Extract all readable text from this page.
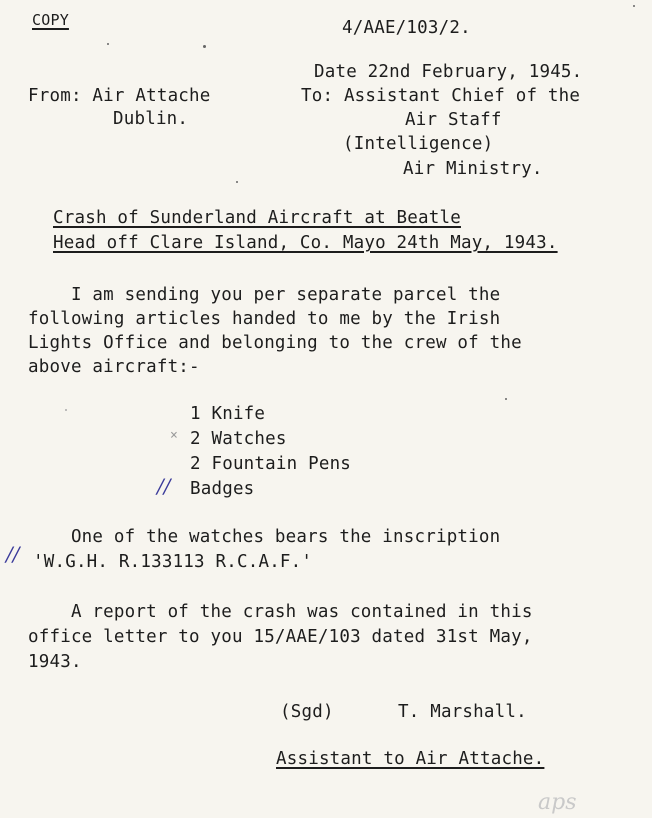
COPY	4/AAE/103/2.
Date 22nd February, 1945.
From: Air Attache
Dublin.
To: Assistant Chief of the
Air Staff
(Intelligence)
Air Ministry.
Crash of Sunderland Aircraft at Beatle
Head off Clare Island, Co. Mayo 24th May, 1943.
I am sending you per separate parcel the
following articles handed to me by the Irish
Lights Office and belonging to the crew of the
above aircraft:-
1 Knife
2 Watches
2 Fountain Pens
Badges
One of the watches bears the inscription
'W.G.H. R.133113 R.C.A.F.'
A report of the crash was contained in this
office letter to you 15/AAE/103 dated 31st May,
1943.
(Sgd)	T. Marshall.
Assistant to Air Attache.
//
//
×
aps
